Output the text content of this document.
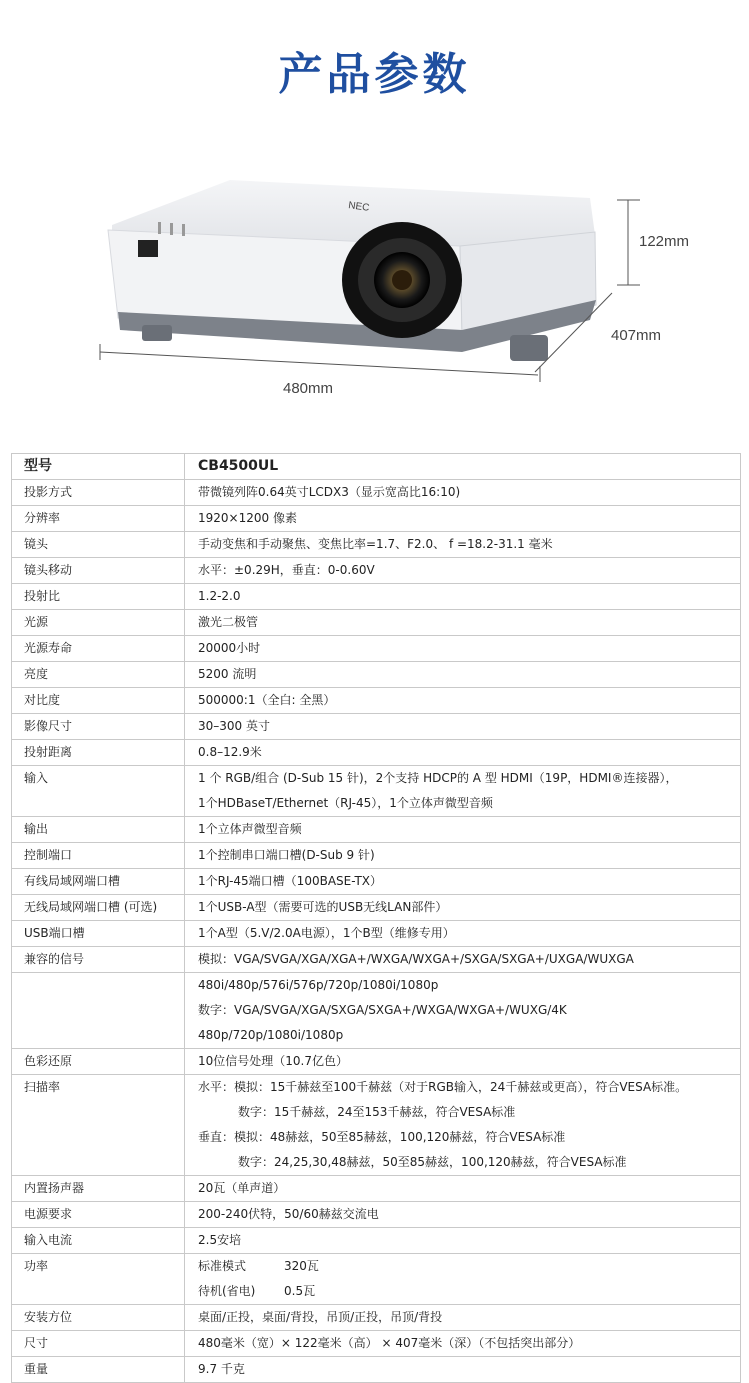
产品参数
NEC
122mm
407mm
480mm
型号	CB4500UL

投影方式	带微镜列阵0.64英寸LCDX3（显示宽高比16:10)

分辨率	1920×1200 像素

镜头	手动变焦和手动聚焦、变焦比率=1.7、F2.0、 f =18.2-31.1 毫米

镜头移动	水平：±0.29H，垂直：0-0.60V

投射比	1.2-2.0

光源	激光二极管

光源寿命	20000小时

亮度	5200 流明

对比度	500000:1（全白: 全黑）

影像尺寸	30–300 英寸

投射距离	0.8–12.9米

输入	1 个 RGB/组合 (D-Sub 15 针)，2个支持 HDCP的 A 型 HDMI（19P，HDMI®连接器），
1个HDBaseT/Ethernet（RJ-45），1个立体声微型音频

输出	1个立体声微型音频

控制端口	1个控制串口端口槽(D-Sub 9 针)

有线局域网端口槽	1个RJ-45端口槽（100BASE-TX）

无线局域网端口槽 (可选)	1个USB-A型（需要可选的USB无线LAN部件）

USB端口槽	1个A型（5.V/2.0A电源），1个B型（维修专用）

兼容的信号	模拟：VGA/SVGA/XGA/XGA+/WXGA/WXGA+/SXGA/SXGA+/UXGA/WUXGA

	480i/480p/576i/576p/720p/1080i/1080p
数字：VGA/SVGA/XGA/SXGA/SXGA+/WXGA/WXGA+/WUXG/4K
480p/720p/1080i/1080p

色彩还原	10位信号处理（10.7亿色）

扫描率	水平：模拟：15千赫兹至100千赫兹（对于RGB输入，24千赫兹或更高），符合VESA标准。
数字：15千赫兹，24至153千赫兹，符合VESA标准
垂直：模拟：48赫兹，50至85赫兹，100,120赫兹，符合VESA标准
数字：24,25,30,48赫兹，50至85赫兹，100,120赫兹，符合VESA标准

内置扬声器	20瓦（单声道）

电源要求	200-240伏特，50/60赫兹交流电

输入电流	2.5安培

功率	标准模式 320瓦
待机(省电) 0.5瓦

安装方位	桌面/正投，桌面/背投，吊顶/正投，吊顶/背投

尺寸	480毫米（宽）× 122毫米（高） × 407毫米（深）（不包括突出部分）

重量	9.7 千克
